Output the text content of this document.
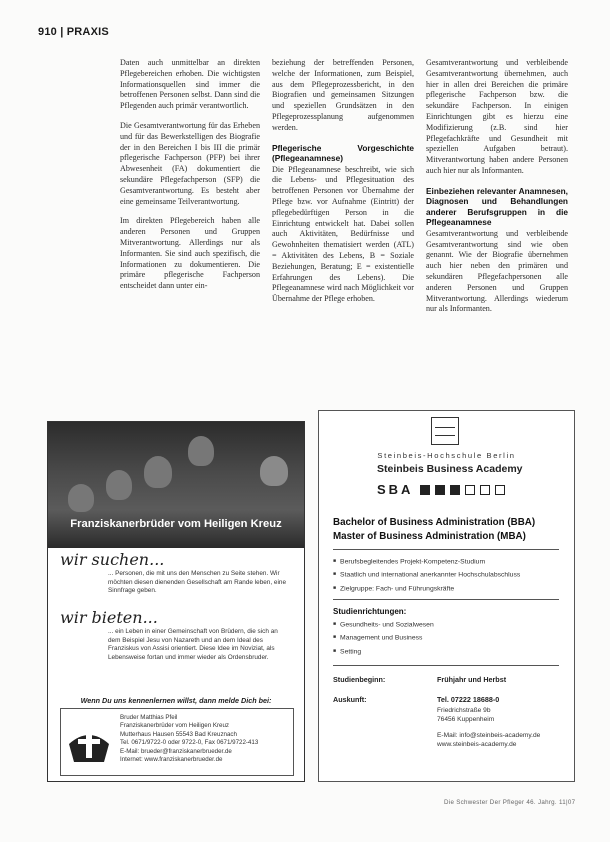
910 | PRAXIS

Daten auch unmittelbar an direkten Pflegebereichen erhoben. Die wichtigsten Informationsquellen sind immer die betroffenen Personen selbst. Dann sind die Pflegenden auch primär verantwortlich.

Die Gesamtverantwortung für das Erheben und für das Bewerkstelligen des Biografie der in den Bereichen I bis III die primär pflegerische Fachperson (PFP) bei ihrer Abwesenheit (FA) dokumentiert die sekundäre Pflegefachperson (SFP) die Gesamtverantwortung. Es besteht aber eine gemeinsame Teilverantwortung.

Im direkten Pflegebereich haben alle anderen Personen und Gruppen Mitverantwortung. Allerdings nur als Informanten. Sie sind auch spezifisch, die Informationen zu dokumentieren. Die primäre pflegerische Fachperson entscheidet dann unter ein-

beziehung der betreffenden Personen, welche der Informationen, zum Beispiel, aus dem Pflegeprozessbericht, in den Biografien und gemeinsamen Sitzungen und speziellen Grundsätzen in den Pflegeprozessplanung aufgenommen werden.

Pflegerische Vorgeschichte (Pflegeanamnese)

Die Pflegeanamnese beschreibt, wie sich die Lebens- und Pflegesituation des betroffenen Personen vor Übernahme der Pflege bzw. vor Aufnahme (Eintritt) der pflegebedürftigen Person in die Einrichtung entwickelt hat. Dabei sollen auch Aktivitäten, Bedürfnisse und Gewohnheiten thematisiert werden (ATL) = Aktivitäten des Lebens, B = Soziale Beziehungen, Beratung; E = existentielle Erfahrungen des Lebens). Die Pflegeanamnese wird nach Möglichkeit vor Übernahme der Pflege erhoben.

Gesamtverantwortung und verbleibende Gesamtverantwortung übernehmen, auch hier in allen drei Bereichen die primäre pflegerische Fachperson bzw. die sekundäre Fachperson. In einigen Einrichtungen gibt es hierzu eine Modifizierung (z.B. sind hier Pflegefachkräfte und Gesundheit mit speziellen Aufgaben betraut). Mitverantwortung haben andere Personen auch hier nur als Informanten.

Einbeziehen relevanter Anamnesen, Diagnosen und Behandlungen anderer Berufsgruppen in die Pflegeanamnese

Gesamtverantwortung und verbleibende Gesamtverantwortung sind wie oben genannt. Wie der Biografie übernehmen auch hier neben den primären und sekundären Pflegefachpersonen alle anderen Personen und Gruppen Mitverantwortung. Allerdings wiederum nur als Informanten.

Franziskanerbrüder vom Heiligen Kreuz
wir suchen...
... Personen, die mit uns den Menschen zu Seite stehen. Wir möchten diesen dienenden Gesellschaft am Rande leben, eine Sinnfrage geben.
wir bieten...
... ein Leben in einer Gemeinschaft von Brüdern, die sich an dem Beispiel Jesu von Nazareth und an dem Ideal des Franziskus von Assisi orientiert. Diese Idee im Noviziat, als Lebensweise fortan und immer wieder als Ordensbruder.
Wenn Du uns kennenlernen willst, dann melde Dich bei:
Bruder Matthias Pfeil
Franziskanerbrüder vom Heiligen Kreuz
Mutterhaus Hausen 55543 Bad Kreuznach
Tel. 0671/9722-0 oder 9722-0, Fax 0671/9722-413
E-Mail: brueder@franziskanerbrueder.de
Internet: www.franziskanerbrueder.de
Steinbeis-Hochschule Berlin
Steinbeis Business Academy
SBA
Bachelor of Business Administration (BBA)
Master of Business Administration (MBA)
■ Berufsbegleitendes Projekt-Kompetenz-Studium
■ Staatlich und international anerkannter Hochschulabschluss
■ Zielgruppe: Fach- und Führungskräfte
Studienrichtungen:
■ Gesundheits- und Sozialwesen
■ Management und Business
■ Setting
Studienbeginn:	Frühjahr und Herbst
Auskunft:	Tel. 07222 18688-0
Friedrichstraße 9b
76456 Kuppenheim
E-Mail: info@steinbeis-academy.de
www.steinbeis-academy.de
Die Schwester Der Pfleger 46. Jahrg. 11|07
